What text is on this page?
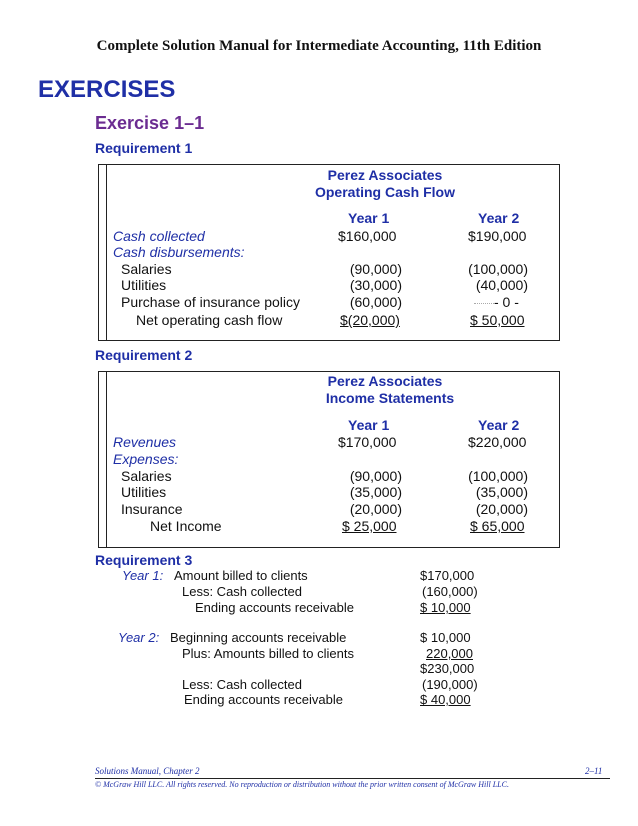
Complete Solution Manual for Intermediate Accounting, 11th Edition
EXERCISES
Exercise 1–1
Requirement 1
Perez Associates
Operating Cash Flow
Year 1	Year 2
Cash collected	$160,000	$190,000
Cash disbursements:
Salaries	(90,000)	(100,000)
Utilities	(30,000)	(40,000)
Purchase of insurance policy	(60,000)	- 0 -
Net operating cash flow	$(20,000)	$ 50,000
Requirement 2
Perez Associates
Income Statements
Year 1	Year 2
Revenues	$170,000	$220,000
Expenses:
Salaries	(90,000)	(100,000)
Utilities	(35,000)	(35,000)
Insurance	(20,000)	(20,000)
Net Income	$ 25,000	$ 65,000
Requirement 3
Year 1: Amount billed to clients	$170,000
Less: Cash collected	(160,000)
Ending accounts receivable	$ 10,000
Year 2: Beginning accounts receivable	$ 10,000
Plus: Amounts billed to clients	220,000
$230,000
Less: Cash collected	(190,000)
Ending accounts receivable	$ 40,000
Solutions Manual, Chapter 2	2–11
© McGraw Hill LLC. All rights reserved. No reproduction or distribution without the prior written consent of McGraw Hill LLC.
